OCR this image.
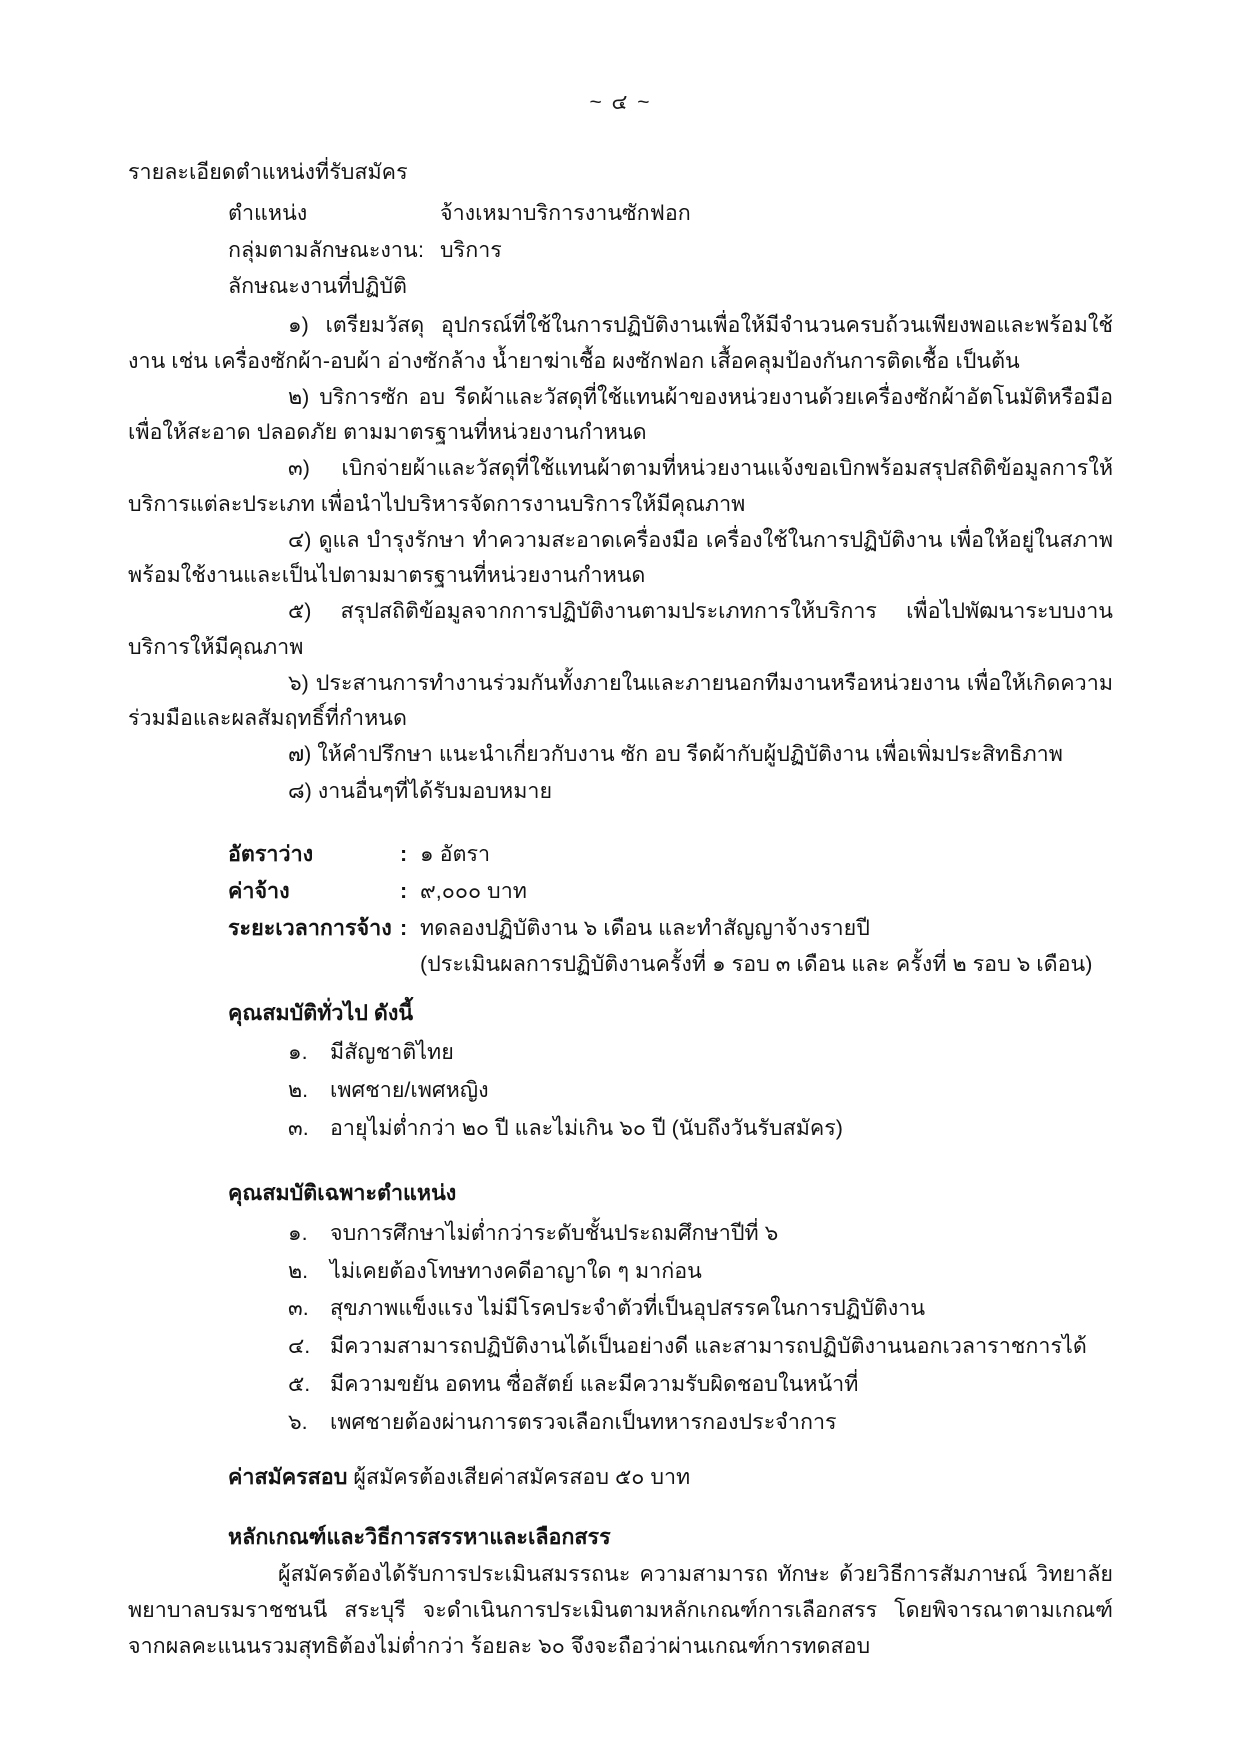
~ ๔ ~
รายละเอียดตำแหน่งที่รับสมัคร
ตำแหน่ง	จ้างเหมาบริการงานซักฟอก
กลุ่มตามลักษณะงาน : บริการ
ลักษณะงานที่ปฏิบัติ

๑) เตรียมวัสดุ อุปกรณ์ที่ใช้ในการปฏิบัติงานเพื่อให้มีจำนวนครบถ้วนเพียงพอและพร้อมใช้งาน เช่น เครื่องซักผ้า-อบผ้า อ่างซักล้าง น้ำยาฆ่าเชื้อ ผงซักฟอก เสื้อคลุมป้องกันการติดเชื้อ เป็นต้น

๒) บริการซัก อบ รีดผ้าและวัสดุที่ใช้แทนผ้าของหน่วยงานด้วยเครื่องซักผ้าอัตโนมัติหรือมือ เพื่อให้สะอาด ปลอดภัย ตามมาตรฐานที่หน่วยงานกำหนด

๓) เบิกจ่ายผ้าและวัสดุที่ใช้แทนผ้าตามที่หน่วยงานแจ้งขอเบิกพร้อมสรุปสถิติข้อมูลการให้บริการแต่ละประเภท เพื่อนำไปบริหารจัดการงานบริการให้มีคุณภาพ

๔) ดูแล บำรุงรักษา ทำความสะอาดเครื่องมือ เครื่องใช้ในการปฏิบัติงาน เพื่อให้อยู่ในสภาพพร้อมใช้งานและเป็นไปตามมาตรฐานที่หน่วยงานกำหนด

๕) สรุปสถิติข้อมูลจากการปฏิบัติงานตามประเภทการให้บริการ เพื่อไปพัฒนาระบบงานบริการให้มีคุณภาพ

๖) ประสานการทำงานร่วมกันทั้งภายในและภายนอกทีมงานหรือหน่วยงาน เพื่อให้เกิดความร่วมมือและผลสัมฤทธิ์ที่กำหนด

๗) ให้คำปรึกษา แนะนำเกี่ยวกับงาน ซัก อบ รีดผ้ากับผู้ปฏิบัติงาน เพื่อเพิ่มประสิทธิภาพ

๘) งานอื่นๆที่ได้รับมอบหมาย

อัตราว่าง	: ๑ อัตรา
ค่าจ้าง	: ๙,๐๐๐ บาท
ระยะเวลาการจ้าง : ทดลองปฏิบัติงาน ๖ เดือน และทำสัญญาจ้างรายปี
(ประเมินผลการปฏิบัติงานครั้งที่ ๑ รอบ ๓ เดือน และ ครั้งที่ ๒ รอบ ๖ เดือน)
คุณสมบัติทั่วไป ดังนี้
๑.	มีสัญชาติไทย
๒.	เพศชาย/เพศหญิง
๓. อายุไม่ต่ำกว่า ๒๐ ปี และไม่เกิน ๖๐ ปี (นับถึงวันรับสมัคร)
คุณสมบัติเฉพาะตำแหน่ง
๑.	จบการศึกษาไม่ต่ำกว่าระดับชั้นประถมศึกษาปีที่ ๖
๒.	ไม่เคยต้องโทษทางคดีอาญาใด ๆ มาก่อน
๓. สุขภาพแข็งแรง ไม่มีโรคประจำตัวที่เป็นอุปสรรคในการปฏิบัติงาน
๔. มีความสามารถปฏิบัติงานได้เป็นอย่างดี และสามารถปฏิบัติงานนอกเวลาราชการได้
๕. มีความขยัน อดทน ซื่อสัตย์ และมีความรับผิดชอบในหน้าที่
๖.	เพศชายต้องผ่านการตรวจเลือกเป็นทหารกองประจำการ
ค่าสมัครสอบ ผู้สมัครต้องเสียค่าสมัครสอบ ๕๐ บาท
หลักเกณฑ์และวิธีการสรรหาและเลือกสรร
ผู้สมัครต้องได้รับการประเมินสมรรถนะ ความสามารถ ทักษะ ด้วยวิธีการสัมภาษณ์ วิทยาลัยพยาบาลบรมราชชนนี สระบุรี จะดำเนินการประเมินตามหลักเกณฑ์การเลือกสรร โดยพิจารณาตามเกณฑ์จากผลคะแนนรวมสุทธิต้องไม่ต่ำกว่า ร้อยละ ๖๐ จึงจะถือว่าผ่านเกณฑ์การทดสอบ
